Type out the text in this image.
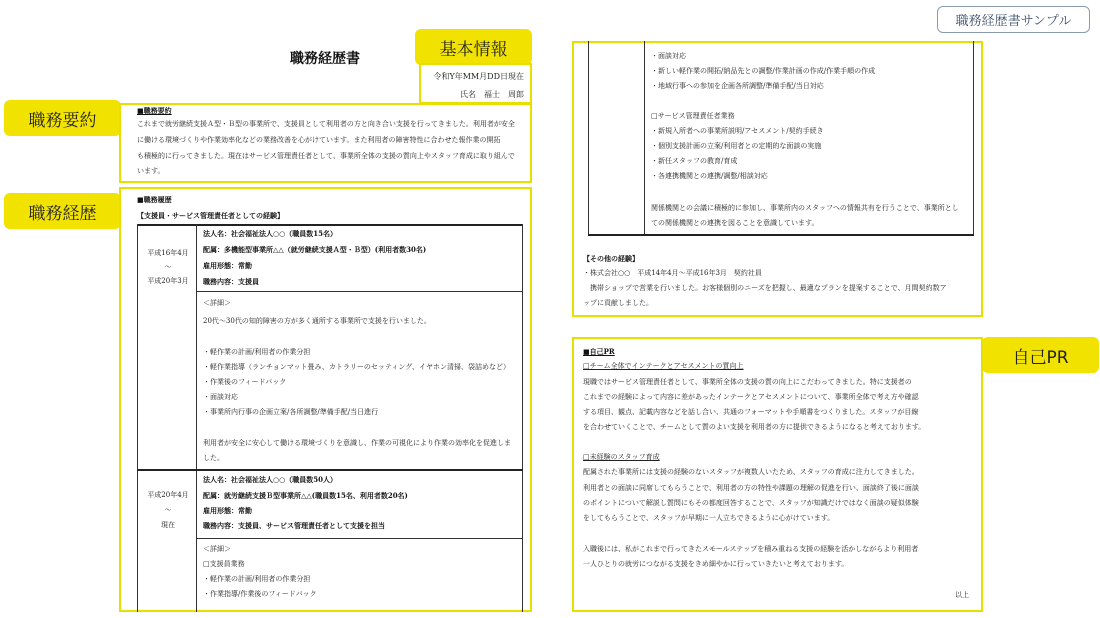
職務経歴書サンプル
基本情報
職務要約
職務経歴
自己PR
職務経歴書
令和Y年MM月DD日現在
氏名　福士　周郎
■職務要約
これまで就労継続支援Ａ型・Ｂ型の事業所で、支援員として利用者の方と向き合い支援を行ってきました。利用者が安全
に働ける環境づくりや作業効率化などの業務改善を心がけています。また利用者の障害特性に合わせた報作業の開拓
も積極的に行ってきました。現在はサービス管理責任者として、事業所全体の支援の質向上やスタッフ育成に取り組んで
います。
■職務履歴
【支援員・サービス管理責任者としての経験】
平成16年4月
～
平成20年3月
法人名：社会福祉法人○○（職員数15名）
配属：多機能型事業所△△（就労継続支援Ａ型・Ｂ型）(利用者数30名)
雇用形態：常勤
職務内容：支援員
＜詳細＞
20代～30代の知的障害の方が多く通所する事業所で支援を行いました。
・軽作業の計画/利用者の作業分担
・軽作業指導（ランチョンマット畳み、カトラリーのセッティング、イヤホン清掃、袋詰めなど）
・作業後のフィードバック
・面談対応
・事業所内行事の企画立案/各所調整/準備手配/当日進行
利用者が安全に安心して働ける環境づくりを意識し、作業の可視化により作業の効率化を促進しま
した。
平成20年4月
～
現在
法人名：社会福祉法人○○（職員数50人）
配属：就労継続支援Ｂ型事業所△△(職員数15名、利用者数20名)
雇用形態：常勤
職務内容：支援員、サービス管理責任者として支援を担当
＜詳細＞
□支援員業務
・軽作業の計画/利用者の作業分担
・作業指導/作業後のフィードバック
・面談対応
・新しい軽作業の開拓/納品先との調整/作業計画の作成/作業手順の作成
・地域行事への参加を企画各所調整/準備手配/当日対応
□サービス管理責任者業務
・新規入所者への事業所説明/アセスメント/契約手続き
・個別支援計画の立案/利用者との定期的な面談の実施
・新任スタッフの教育/育成
・各連携機関との連携/調整/相談対応
関係機関との会議に積極的に参加し、事業所内のスタッフへの情報共有を行うことで、事業所とし
ての関係機関との連携を図ることを意識しています。
【その他の経験】
・株式会社○○　平成14年4月～平成16年3月　契約社員
　携帯ショップで営業を行いました。お客様個別のニーズを把握し、最適なプランを提案することで、月間契約数ア
ップに貢献しました。
■自己PR
□チーム全体でインテークとアセスメントの質向上
現職ではサービス管理責任者として、事業所全体の支援の質の向上にこだわってきました。特に支援者の
これまでの経験によって内容に差があったインテークとアセスメントについて、事業所全体で考え方や確認
する項目、観点、記載内容などを話し合い、共通のフォーマットや手順書をつくりました。スタッフが目線
を合わせていくことで、チームとして質のよい支援を利用者の方に提供できるようになると考えております。
□未経験のスタッフ育成
配属された事業所には支援の経験のないスタッフが複数人いたため、スタッフの育成に注力してきました。
利用者との面談に同席してもらうことで、利用者の方の特性や課題の理解の促進を行い、面談終了後に面談
のポイントについて解説し質問にもその都度回答することで、スタッフが知識だけではなく面談の疑似体験
をしてもらうことで、スタッフが早期に一人立ちできるように心がけています。
入職後には、私がこれまで行ってきたスモールステップを積み重ねる支援の経験を活かしながらより利用者
一人ひとりの就労につながる支援をきめ細やかに行っていきたいと考えております。
以上
